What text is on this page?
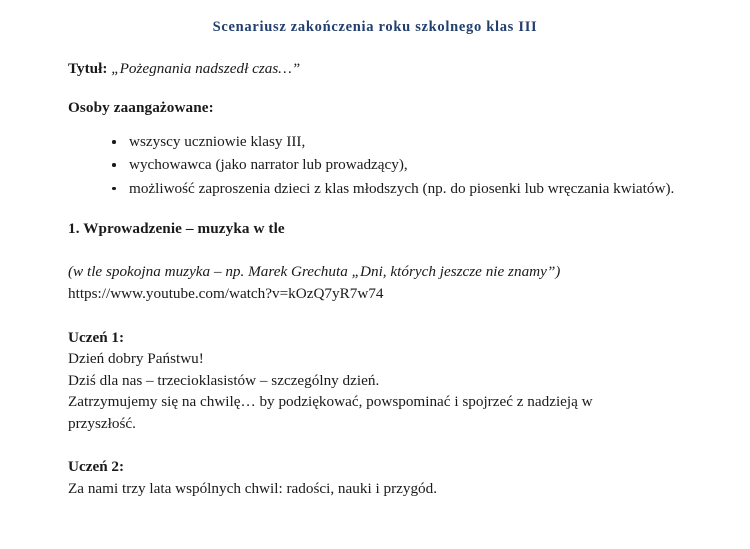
Scenariusz zakończenia roku szkolnego klas III
Tytuł: „Pożegnania nadszedł czas…”
Osoby zaangażowane:
wszyscy uczniowie klasy III,
wychowawca (jako narrator lub prowadzący),
możliwość zaproszenia dzieci z klas młodszych (np. do piosenki lub wręczania kwiatów).
1. Wprowadzenie – muzyka w tle
(w tle spokojna muzyka – np. Marek Grechuta „Dni, których jeszcze nie znamy”)
https://www.youtube.com/watch?v=kOzQ7yR7w74
Uczeń 1:
Dzień dobry Państwu!
Dziś dla nas – trzecioklasistów – szczególny dzień.
Zatrzymujemy się na chwilę… by podziękować, powspominać i spojrzeć z nadzieją w przyszłość.
Uczeń 2:
Za nami trzy lata wspólnych chwil: radości, nauki i przygód.
